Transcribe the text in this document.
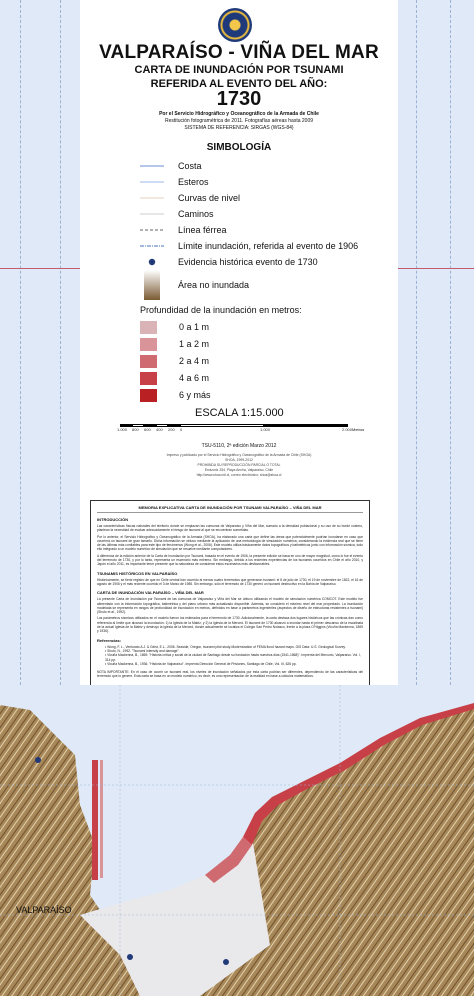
VALPARAÍSO - VIÑA DEL MAR
CARTA DE INUNDACIÓN POR TSUNAMI
REFERIDA AL EVENTO DEL AÑO:
1730
Por el Servicio Hidrográfico y Oceanográfico de la Armada de Chile
Restitución fotogramétrica de 2011. Fotografías aéreas hasta 2009
SISTEMA DE REFERENCIA: SIRGAS (WGS-84)
SIMBOLOGÍA
Costa
Esteros
Curvas de nivel
Caminos
Línea férrea
Límite inundación, referida al evento de 1906
Evidencia histórica evento de 1730
Área no inundada
Profundidad de la inundación en metros:
0 a 1 m
1 a 2 m
2 a 4 m
4 a 6 m
6 y más
ESCALA 1:15.000
1.000 800 600 400 200 0	1.000	2.000 Metros
TSU-5110, 2ª edición Marzo 2012
Impreso y publicado por el Servicio Hidrográfico y Oceanográfico de la Armada de Chile (SHOA)
SHOA, 1999-2012
PROHIBIDA SU REPRODUCCIÓN PARCIAL O TOTAL
Errázuriz 254, Playa Ancha, Valparaíso, Chile
http://www.shoa.mil.cl, correo electrónico: shoa@shoa.cl
MEMORIA EXPLICATIVA CARTA DE INUNDACIÓN POR TSUNAMI VALPARAÍSO – VIÑA DEL MAR
INTRODUCCIÓN

Las características físicas naturales del territorio donde se emplazan las comunas de Valparaíso y Viña del Mar, sumado a la densidad poblacional y su uso de su borde costero, plantean la necesidad de evaluar adecuadamente el riesgo de tsunami al que se encuentran sometidas.

Por lo anterior, el Servicio Hidrográfico y Oceanográfico de la Armada (SHOA), ha elaborado una carta que define las áreas que potencialmente podrían inundarse en caso que ocurriera un tsunami de gran tamaño. Dicha información se obtuvo mediante la aplicación de una metodología de simulación numérica, considerando la evidencia real que se tiene de las últimas más confiables para este tipo de fenómenos (Wong et al., 2006). Este modelo utiliza básicamente datos topográficos y batimétricos junto con información sísmica, todo ello integrado a un modelo numérico de simulación que se resuelve mediante computadores.

A diferencia de la edición anterior de la Carta de Inundación por Tsunami, basada en el evento de 1906, la presente edición se basa en uno de mayor magnitud, como lo fue el evento del terremoto de 1730, y por lo tanto, representa un escenario más extremo. Sin embargo, debido a los recientes experiencias de los tsunamis ocurridos en Chile el año 2010, y Japón el año 2011, es importante tener presente que la naturaleza de considerar estos escenarios más desfavorables.

TSUNAMIS HISTÓRICOS EN VALPARAÍSO

Históricamente, se tiene registro de que en Chile central han ocurrido al menos cuatro terremotos que generaron tsunami: el 8 de julio de 1730, el 19 de noviembre de 1822, el 16 de agosto de 1906 y el más reciente ocurrido el 3 de Marzo de 1985. Sin embargo, sólo el terremoto de 1730 generó un tsunami destructivo en la Bahía de Valparaíso.

CARTA DE INUNDACIÓN VALPARAÍSO – VIÑA DEL MAR

La presente Carta de Inundación por Tsunami de las comunas de Valparaíso y Viña del Mar se obtuvo utilizando el modelo de simulación numérica COMCOT. Este modelo fue alimentado con la información topográfica, batimétrica y del plano urbano más actualizado disponible. Además, se consideró el máximo nivel del mar proyectado. La inundación modelada se representa en rangos de profundidad de inundación en metros, definidos en base a parámetros ingenieriles (aspectos de diseño de estructuras resistentes a tsunami)(Shuto et al., 1992).

Los parámetros sísmicos utilizados en el modelo fueron los estimados para el terremoto de 1730. Adicionalmente, la carta destaca dos lugares históricos que las crónicas dan como referencia al límite que alcanzó la inundación: 1) la Iglesia de la Matriz, y 2) la Iglesia de la Merced. El tsunami de 1730 alcanzó a inundar hasta el primer descanso de la escalinata de la actual Iglesia de la Matriz y destruyó la iglesia de la Merced, donde actualmente se localiza el Colegio San Pedro Nolasco, frente a la plaza O'Higgins (Vicuña Mackenna, 1869 y 1936).

Referencias:
• Wong, F. L., Venturato A.J. & Geist, E.L., 2006. Seaside, Oregon, tsunami pilot study-Modernization of FEMA flood hazard maps. GIS Data: U.S. Geological Survey.
• Shuto, N., 1992. "Tsunami intensity and damage".
• Vicuña Mackenna, B., 1869. "Historia crítica y social de la ciudad de Santiago desde su fundación hasta nuestros días (1541-1868)". Imprenta del Mercurio, Valparaíso. Vol. I, 314 pp.
• Vicuña Mackenna, B., 1936. "Historia de Valparaíso". Imprenta Dirección General de Prisiones, Santiago de Chile, Vol. III, 626 pp.

NOTA IMPORTANTE: En el caso de ocurrir un tsunami real, los niveles de inundación señalados por esta carta podrían ser diferentes, dependiendo de las características del terremoto que lo genere. Esta carta se basa en un modelo numérico, es decir, es una representación de la realidad en base a cálculos matemáticos.

VALPARAÍSO
